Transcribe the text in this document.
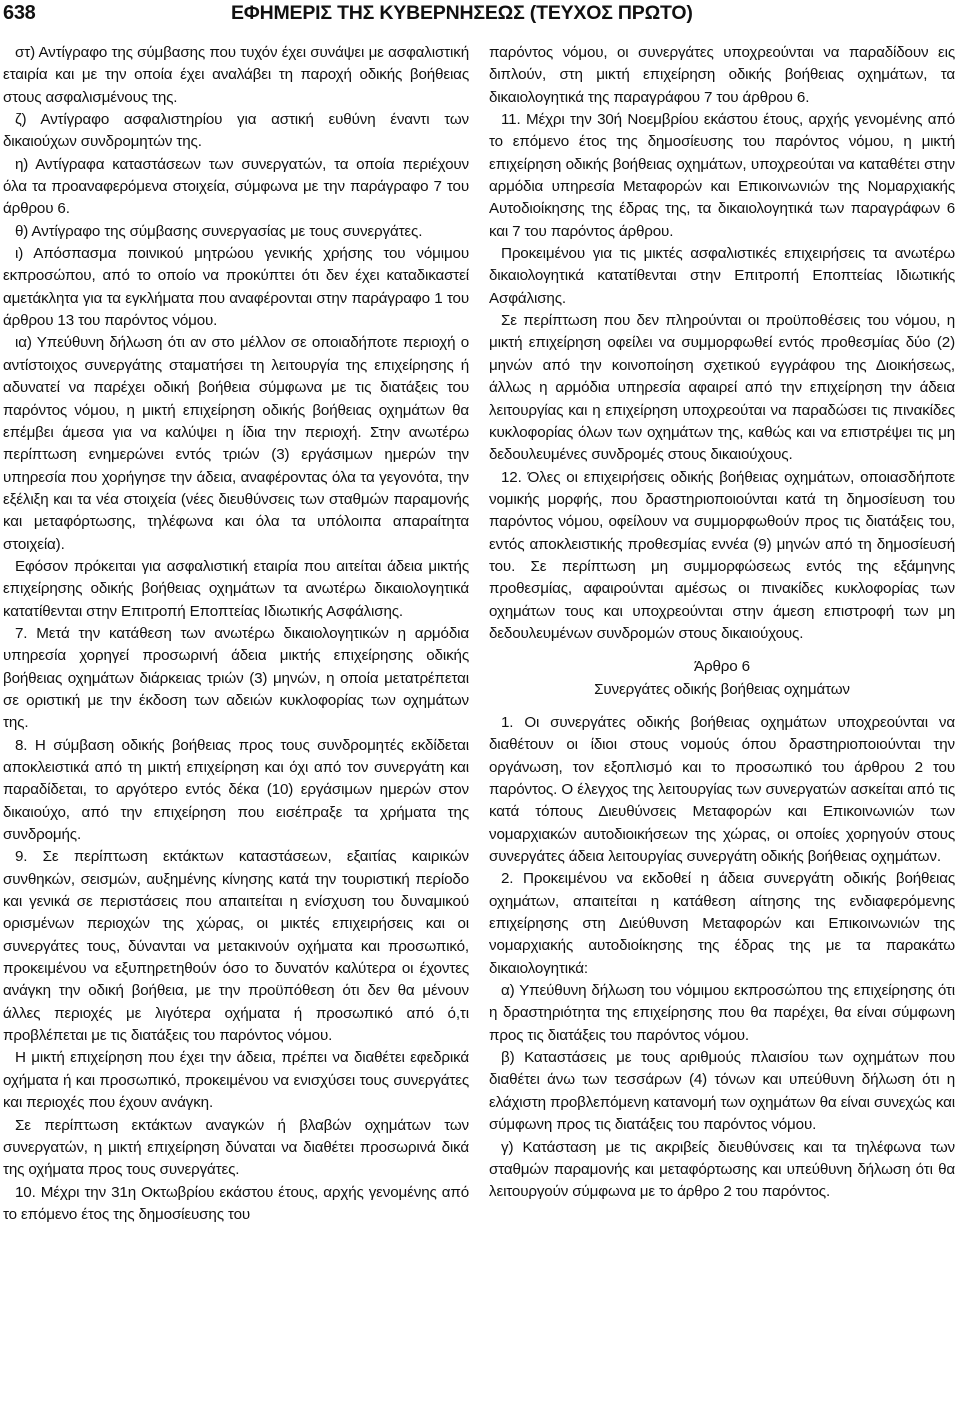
638	ΕΦΗΜΕΡΙΣ ΤΗΣ ΚΥΒΕΡΝΗΣΕΩΣ (ΤΕΥΧΟΣ ΠΡΩΤΟ)

στ) Αντίγραφο της σύμβασης που τυχόν έχει συνάψει με ασφαλιστική εταιρία και με την οποία έχει αναλάβει τη παροχή οδικής βοήθειας στους ασφαλισμένους της.

ζ) Αντίγραφο ασφαλιστηρίου για αστική ευθύνη έναντι των δικαιούχων συνδρομητών της.

η) Αντίγραφα καταστάσεων των συνεργατών, τα οποία περιέχουν όλα τα προαναφερόμενα στοιχεία, σύμφωνα με την παράγραφο 7 του άρθρου 6.

θ) Αντίγραφο της σύμβασης συνεργασίας με τους συνεργάτες.

ι) Απόσπασμα ποινικού μητρώου γενικής χρήσης του νόμιμου εκπροσώπου, από το οποίο να προκύπτει ότι δεν έχει καταδικαστεί αμετάκλητα για τα εγκλήματα που αναφέρονται στην παράγραφο 1 του άρθρου 13 του παρόντος νόμου.

ια) Υπεύθυνη δήλωση ότι αν στο μέλλον σε οποιαδήποτε περιοχή ο αντίστοιχος συνεργάτης σταματήσει τη λειτουργία της επιχείρησης ή αδυνατεί να παρέχει οδική βοήθεια σύμφωνα με τις διατάξεις του παρόντος νόμου, η μικτή επιχείρηση οδικής βοήθειας οχημάτων θα επέμβει άμεσα για να καλύψει η ίδια την περιοχή. Στην ανωτέρω περίπτωση ενημερώνει εντός τριών (3) εργάσιμων ημερών την υπηρεσία που χορήγησε την άδεια, αναφέροντας όλα τα γεγονότα, την εξέλιξη και τα νέα στοιχεία (νέες διευθύνσεις των σταθμών παραμονής και μεταφόρτωσης, τηλέφωνα και όλα τα υπόλοιπα απαραίτητα στοιχεία).

Εφόσον πρόκειται για ασφαλιστική εταιρία που αιτείται άδεια μικτής επιχείρησης οδικής βοήθειας οχημάτων τα ανωτέρω δικαιολογητικά κατατίθενται στην Επιτροπή Εποπτείας Ιδιωτικής Ασφάλισης.

7. Μετά την κατάθεση των ανωτέρω δικαιολογητικών η αρμόδια υπηρεσία χορηγεί προσωρινή άδεια μικτής επιχείρησης οδικής βοήθειας οχημάτων διάρκειας τριών (3) μηνών, η οποία μετατρέπεται σε οριστική με την έκδοση των αδειών κυκλοφορίας των οχημάτων της.

8. Η σύμβαση οδικής βοήθειας προς τους συνδρομητές εκδίδεται αποκλειστικά από τη μικτή επιχείρηση και όχι από τον συνεργάτη και παραδίδεται, το αργότερο εντός δέκα (10) εργάσιμων ημερών στον δικαιούχο, από την επιχείρηση που εισέπραξε τα χρήματα της συνδρομής.

9. Σε περίπτωση εκτάκτων καταστάσεων, εξαιτίας καιρικών συνθηκών, σεισμών, αυξημένης κίνησης κατά την τουριστική περίοδο και γενικά σε περιστάσεις που απαιτείται η ενίσχυση του δυναμικού ορισμένων περιοχών της χώρας, οι μικτές επιχειρήσεις και οι συνεργάτες τους, δύνανται να μετακινούν οχήματα και προσωπικό, προκειμένου να εξυπηρετηθούν όσο το δυνατόν καλύτερα οι έχοντες ανάγκη την οδική βοήθεια, με την προϋπόθεση ότι δεν θα μένουν άλλες περιοχές με λιγότερα οχήματα ή προσωπικό από ό,τι προβλέπεται με τις διατάξεις του παρόντος νόμου.

Η μικτή επιχείρηση που έχει την άδεια, πρέπει να διαθέτει εφεδρικά οχήματα ή και προσωπικό, προκειμένου να ενισχύσει τους συνεργάτες και περιοχές που έχουν ανάγκη.

Σε περίπτωση εκτάκτων αναγκών ή βλαβών οχημάτων των συνεργατών, η μικτή επιχείρηση δύναται να διαθέτει προσωρινά δικά της οχήματα προς τους συνεργάτες.

10. Μέχρι την 31η Οκτωβρίου εκάστου έτους, αρχής γενομένης από το επόμενο έτος της δημοσίευσης του

παρόντος νόμου, οι συνεργάτες υποχρεούνται να παραδίδουν εις διπλούν, στη μικτή επιχείρηση οδικής βοήθειας οχημάτων, τα δικαιολογητικά της παραγράφου 7 του άρθρου 6.

11. Μέχρι την 30ή Νοεμβρίου εκάστου έτους, αρχής γενομένης από το επόμενο έτος της δημοσίευσης του παρόντος νόμου, η μικτή επιχείρηση οδικής βοήθειας οχημάτων, υποχρεούται να καταθέτει στην αρμόδια υπηρεσία Μεταφορών και Επικοινωνιών της Νομαρχιακής Αυτοδιοίκησης της έδρας της, τα δικαιολογητικά των παραγράφων 6 και 7 του παρόντος άρθρου.

Προκειμένου για τις μικτές ασφαλιστικές επιχειρήσεις τα ανωτέρω δικαιολογητικά κατατίθενται στην Επιτροπή Εποπτείας Ιδιωτικής Ασφάλισης.

Σε περίπτωση που δεν πληρούνται οι προϋποθέσεις του νόμου, η μικτή επιχείρηση οφείλει να συμμορφωθεί εντός προθεσμίας δύο (2) μηνών από την κοινοποίηση σχετικού εγγράφου της Διοικήσεως, άλλως η αρμόδια υπηρεσία αφαιρεί από την επιχείρηση την άδεια λειτουργίας και η επιχείρηση υποχρεούται να παραδώσει τις πινακίδες κυκλοφορίας όλων των οχημάτων της, καθώς και να επιστρέψει τις μη δεδουλευμένες συνδρομές στους δικαιούχους.

12. Όλες οι επιχειρήσεις οδικής βοήθειας οχημάτων, οποιασδήποτε νομικής μορφής, που δραστηριοποιούνται κατά τη δημοσίευση του παρόντος νόμου, οφείλουν να συμμορφωθούν προς τις διατάξεις του, εντός αποκλειστικής προθεσμίας εννέα (9) μηνών από τη δημοσίευσή του. Σε περίπτωση μη συμμορφώσεως εντός της εξάμηνης προθεσμίας, αφαιρούνται αμέσως οι πινακίδες κυκλοφορίας των οχημάτων τους και υποχρεούνται στην άμεση επιστροφή των μη δεδουλευμένων συνδρομών στους δικαιούχους.

Άρθρο 6
Συνεργάτες οδικής βοήθειας οχημάτων

1. Οι συνεργάτες οδικής βοήθειας οχημάτων υποχρεούνται να διαθέτουν οι ίδιοι στους νομούς όπου δραστηριοποιούνται την οργάνωση, τον εξοπλισμό και το προσωπικό του άρθρου 2 του παρόντος. Ο έλεγχος της λειτουργίας των συνεργατών ασκείται από τις κατά τόπους Διευθύνσεις Μεταφορών και Επικοινωνιών των νομαρχιακών αυτοδιοικήσεων της χώρας, οι οποίες χορηγούν στους συνεργάτες άδεια λειτουργίας συνεργάτη οδικής βοήθειας οχημάτων.

2. Προκειμένου να εκδοθεί η άδεια συνεργάτη οδικής βοήθειας οχημάτων, απαιτείται η κατάθεση αίτησης της ενδιαφερόμενης επιχείρησης στη Διεύθυνση Μεταφορών και Επικοινωνιών της νομαρχιακής αυτοδιοίκησης της έδρας της με τα παρακάτω δικαιολογητικά:

α) Υπεύθυνη δήλωση του νόμιμου εκπροσώπου της επιχείρησης ότι η δραστηριότητα της επιχείρησης που θα παρέχει, θα είναι σύμφωνη προς τις διατάξεις του παρόντος νόμου.

β) Καταστάσεις με τους αριθμούς πλαισίου των οχημάτων που διαθέτει άνω των τεσσάρων (4) τόνων και υπεύθυνη δήλωση ότι η ελάχιστη προβλεπόμενη κατανομή των οχημάτων θα είναι συνεχώς και σύμφωνη προς τις διατάξεις του παρόντος νόμου.

γ) Κατάσταση με τις ακριβείς διευθύνσεις και τα τηλέφωνα των σταθμών παραμονής και μεταφόρτωσης και υπεύθυνη δήλωση ότι θα λειτουργούν σύμφωνα με το άρθρο 2 του παρόντος.
